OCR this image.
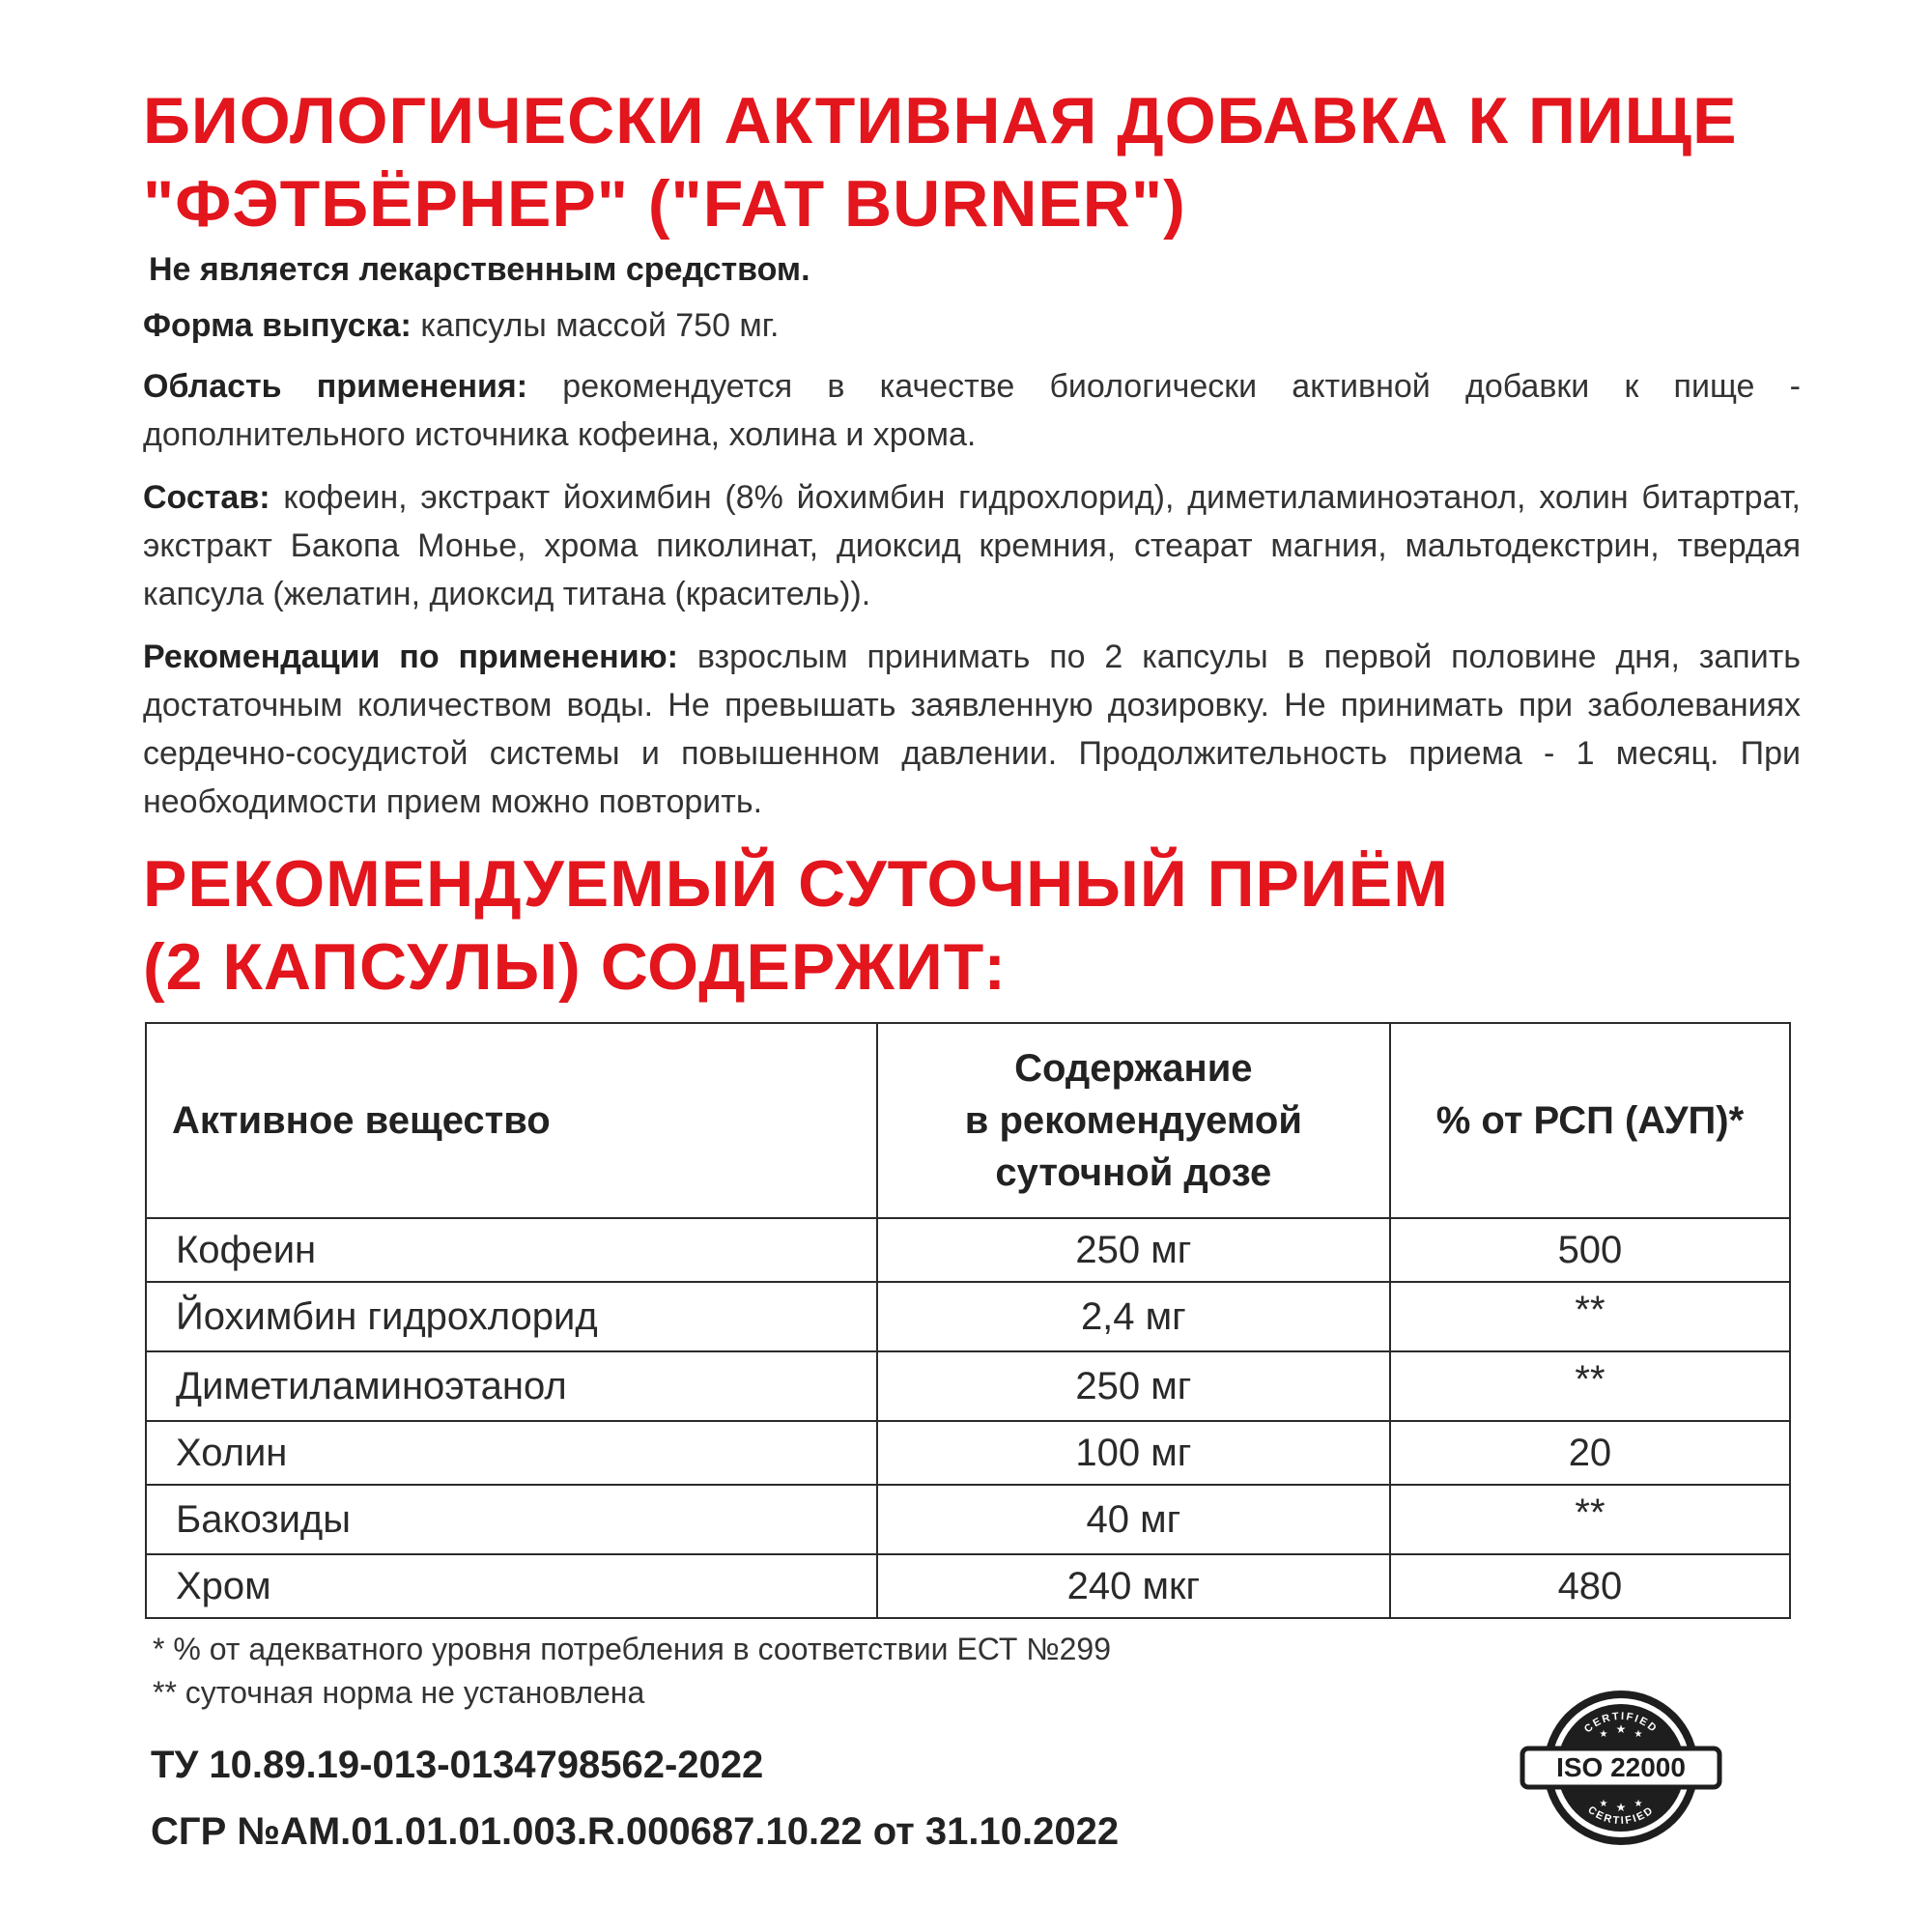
БИОЛОГИЧЕСКИ АКТИВНАЯ ДОБАВКА К ПИЩЕ
"ФЭТБЁРНЕР" ("FAT BURNER")

Не является лекарственным средством.

Форма выпуска: капсулы массой 750 мг.

Область применения: рекомендуется в качестве биологически активной добавки к пище - дополнительного источника кофеина, холина и хрома.

Состав: кофеин, экстракт йохимбин (8% йохимбин гидрохлорид), диметиламиноэтанол, холин битартрат, экстракт Бакопа Монье, хрома пиколинат, диоксид кремния, стеарат магния, мальтодекстрин, твердая капсула (желатин, диоксид титана (краситель)).

Рекомендации по применению: взрослым принимать по 2 капсулы в первой половине дня, запить достаточным количеством воды. Не превышать заявленную дозировку. Не принимать при заболеваниях сердечно-сосудистой системы и повышенном давлении. Продолжительность приема - 1 месяц. При необходимости прием можно повторить.

РЕКОМЕНДУЕМЫЙ СУТОЧНЫЙ ПРИЁМ
(2 КАПСУЛЫ) СОДЕРЖИТ:
Активное вещество	Содержание
в рекомендуемой
суточной дозе	% от РСП (АУП)*
Кофеин	250 мг	500
Йохимбин гидрохлорид	2,4 мг	**
Диметиламиноэтанол	250 мг	**
Холин	100 мг	20
Бакозиды	40 мг	**
Хром	240 мкг	480

* % от адекватного уровня потребления в соответствии ЕСТ №299

** суточная норма не установлена

ТУ 10.89.19-013-0134798562-2022

СГР №AM.01.01.01.003.R.000687.10.22 от 31.10.2022

CERTIFIED
CERTIFIED
★ ★ ★
★ ★ ★
ISO 22000
